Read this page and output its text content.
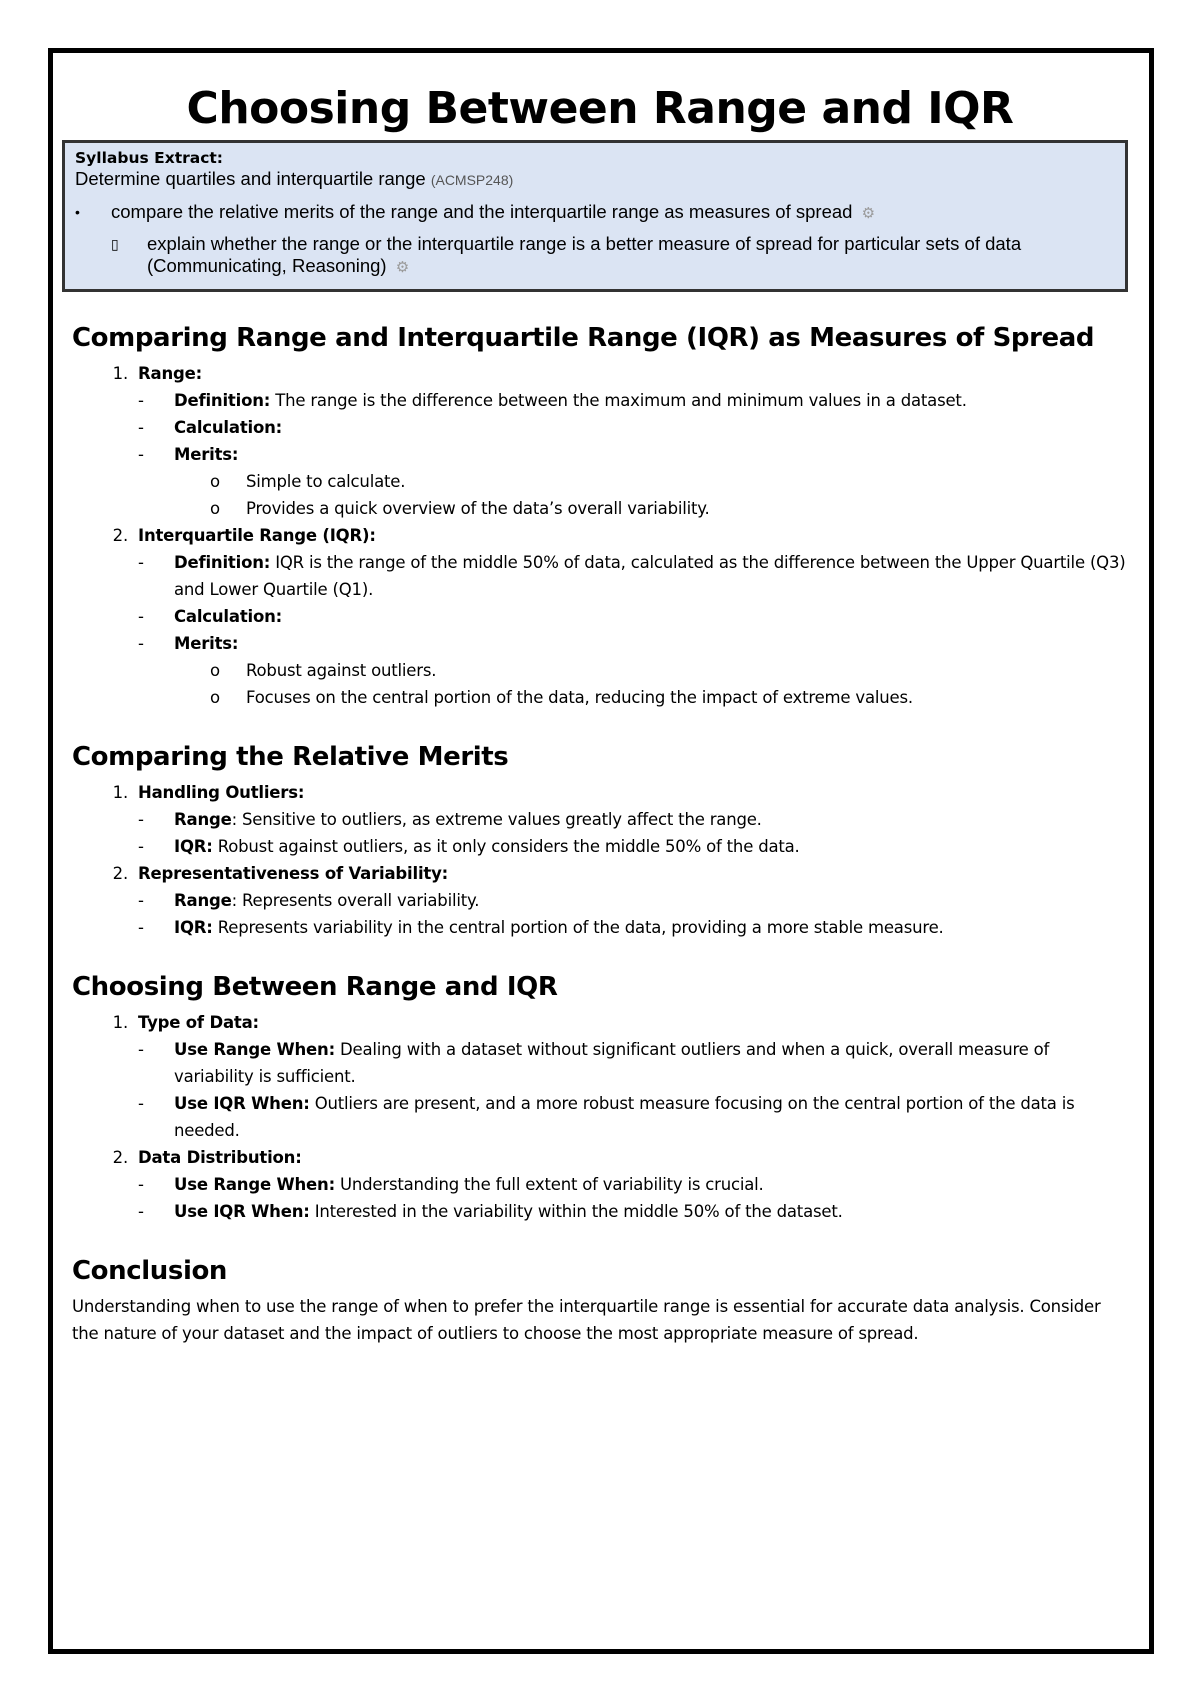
Choosing Between Range and IQR
Syllabus Extract:
Determine quartiles and interquartile range (ACMSP248)
•	compare the relative merits of the range and the interquartile range as measures of spread ⚙
▯	explain whether the range or the interquartile range is a better measure of spread for particular sets of data (Communicating, Reasoning) ⚙
Comparing Range and Interquartile Range (IQR) as Measures of Spread
1. Range:
-	Definition: The range is the difference between the maximum and minimum values in a dataset.
-	Calculation:
-	Merits:
o	Simple to calculate.
o	Provides a quick overview of the data’s overall variability.
2. Interquartile Range (IQR):
-	Definition: IQR is the range of the middle 50% of data, calculated as the difference between the Upper Quartile (Q3) and Lower Quartile (Q1).
-	Calculation:
-	Merits:
o	Robust against outliers.
o	Focuses on the central portion of the data, reducing the impact of extreme values.
Comparing the Relative Merits
1. Handling Outliers:
-	Range: Sensitive to outliers, as extreme values greatly affect the range.
-	IQR: Robust against outliers, as it only considers the middle 50% of the data.
2. Representativeness of Variability:
-	Range: Represents overall variability.
-	IQR: Represents variability in the central portion of the data, providing a more stable measure.
Choosing Between Range and IQR
1. Type of Data:
-	Use Range When: Dealing with a dataset without significant outliers and when a quick, overall measure of variability is sufficient.
-	Use IQR When: Outliers are present, and a more robust measure focusing on the central portion of the data is needed.
2. Data Distribution:
-	Use Range When: Understanding the full extent of variability is crucial.
-	Use IQR When: Interested in the variability within the middle 50% of the dataset.
Conclusion

Understanding when to use the range of when to prefer the interquartile range is essential for accurate data analysis. Consider the nature of your dataset and the impact of outliers to choose the most appropriate measure of spread.
